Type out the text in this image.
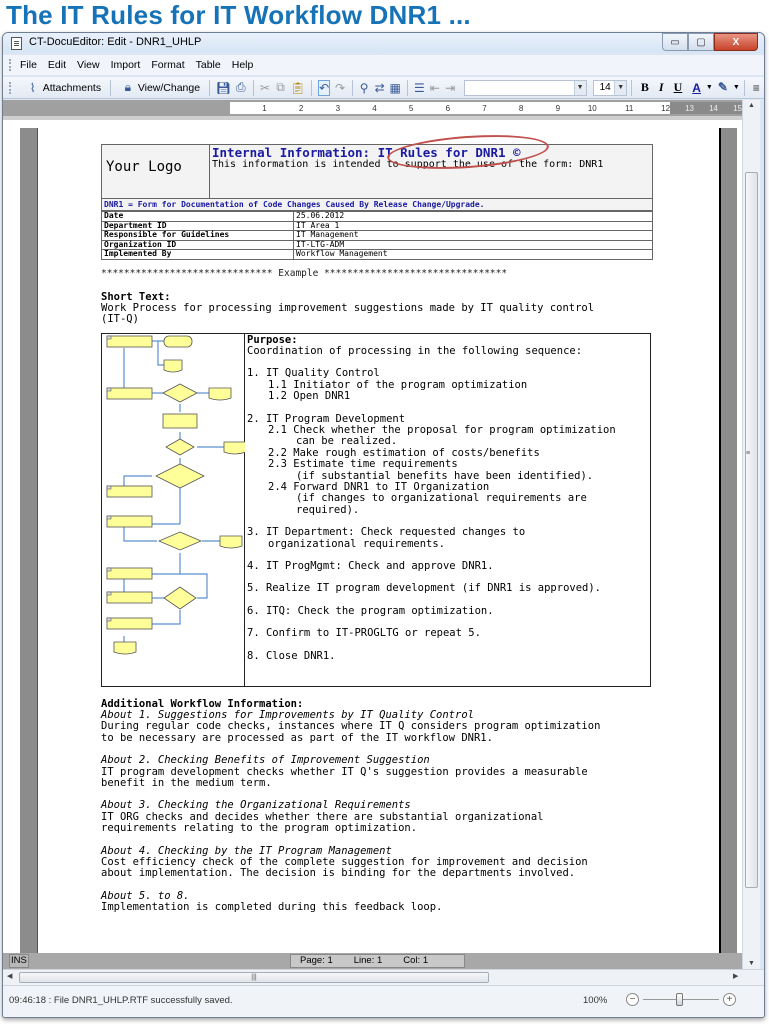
The IT Rules for IT Workflow DNR1 ...
CT-DocuEditor: Edit - DNR1_UHLP	▭	▢	X
File Edit View Import Format Table Help
⌇ Attachments	🔒︎ View/Change 💾︎ ⎙ ✂ ⧉ 📋︎ ↶ ↷ ⚲ ⇄ ▦ ☰ ⇤ ⇥	▼	14 ▼ B I U A ▼ ✎ ▼ ≡
1	2	3	4	5	6	7	8	9	10	11	12	13	14	15
Your Logo	
Internal Information: IT Rules for DNR1 ©
This information is intended to support the use of the form: DNR1

DNR1 = Form for Documentation of Code Changes Caused By Release Change/Upgrade.
Date	25.06.2012
Department ID	IT Area 1
Responsible for Guidelines	IT Management
Organization ID	IT-LTG-ADM
Implemented By	Workflow Management
****************************** Example ********************************
Short Text:
Work Process for processing improvement suggestions made by IT quality control
(IT-Q)
Purpose:
Coordination of processing in the following sequence:
1. IT Quality Control
1.1 Initiator of the program optimization
1.2 Open DNR1
2. IT Program Development
2.1 Check whether the proposal for program optimization
can be realized.
2.2 Make rough estimation of costs/benefits
2.3 Estimate time requirements
(if substantial benefits have been identified).
2.4 Forward DNR1 to IT Organization
(if changes to organizational requirements are
required).
3. IT Department: Check requested changes to
organizational requirements.
4. IT ProgMgmt: Check and approve DNR1.
5. Realize IT program development (if DNR1 is approved).
6. ITQ: Check the program optimization.
7. Confirm to IT-PROGLTG or repeat 5.
8. Close DNR1.
Additional Workflow Information:
About 1. Suggestions for Improvements by IT Quality Control
During regular code checks, instances where IT Q considers program optimization
to be necessary are processed as part of the IT workflow DNR1.
About 2. Checking Benefits of Improvement Suggestion
IT program development checks whether IT Q's suggestion provides a measurable
benefit in the medium term.
About 3. Checking the Organizational Requirements
IT ORG checks and decides whether there are substantial organizational
requirements relating to the program optimization.
About 4. Checking by the IT Program Management
Cost efficiency check of the complete suggestion for improvement and decision
about implementation. The decision is binding for the departments involved.
About 5. to 8.
Implementation is completed during this feedback loop.
▲
≡
▼
INS	Page: 1 Line: 1 Col: 1
◀	|||	▶
09:46:18 : File DNR1_UHLP.RTF successfully saved.	100%	−	+
